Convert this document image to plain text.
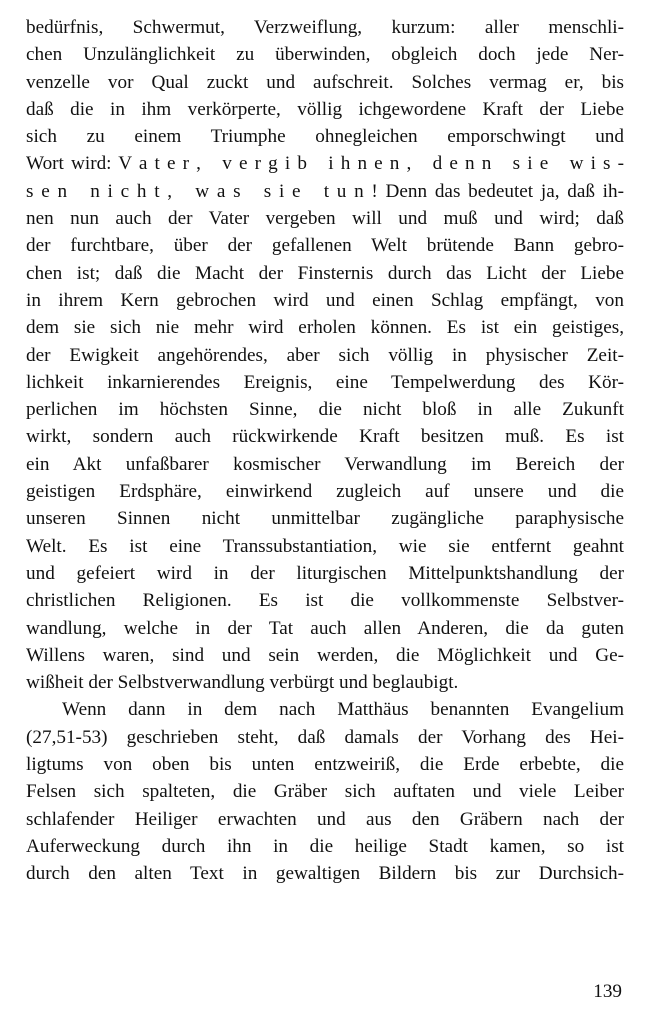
bedürfnis, Schwermut, Verzweiflung, kurzum: aller menschli-
chen Unzulänglichkeit zu überwinden, obgleich doch jede Ner-
venzelle vor Qual zuckt und aufschreit. Solches vermag er, bis
daß die in ihm verkörperte, völlig ichgewordene Kraft der Liebe
sich zu einem Triumphe ohnegleichen emporschwingt und
Wort wird: V a t e r ,   v e r g i b   i h n e n ,   d e n n   s i e   w i s -
s e n   n i c h t ,   w a s   s i e   t u n ! Denn das bedeutet ja, daß ih-
nen nun auch der Vater vergeben will und muß und wird; daß
der furchtbare, über der gefallenen Welt brütende Bann gebro-
chen ist; daß die Macht der Finsternis durch das Licht der Liebe
in ihrem Kern gebrochen wird und einen Schlag empfängt, von
dem sie sich nie mehr wird erholen können. Es ist ein geistiges,
der Ewigkeit angehörendes, aber sich völlig in physischer Zeit-
lichkeit inkarnierendes Ereignis, eine Tempelwerdung des Kör-
perlichen im höchsten Sinne, die nicht bloß in alle Zukunft
wirkt, sondern auch rückwirkende Kraft besitzen muß. Es ist
ein Akt unfaßbarer kosmischer Verwandlung im Bereich der
geistigen Erdsphäre, einwirkend zugleich auf unsere und die
unseren Sinnen nicht unmittelbar zugängliche paraphysische
Welt. Es ist eine Transsubstantiation, wie sie entfernt geahnt
und gefeiert wird in der liturgischen Mittelpunktshandlung der
christlichen Religionen. Es ist die vollkommenste Selbstver-
wandlung, welche in der Tat auch allen Anderen, die da guten
Willens waren, sind und sein werden, die Möglichkeit und Ge-
wißheit der Selbstverwandlung verbürgt und beglaubigt.
Wenn dann in dem nach Matthäus benannten Evangelium
(27,51-53) geschrieben steht, daß damals der Vorhang des Hei-
ligtums von oben bis unten entzweiriß, die Erde erbebte, die
Felsen sich spalteten, die Gräber sich auftaten und viele Leiber
schlafender Heiliger erwachten und aus den Gräbern nach der
Auferweckung durch ihn in die heilige Stadt kamen, so ist
durch den alten Text in gewaltigen Bildern bis zur Durchsich-
139
